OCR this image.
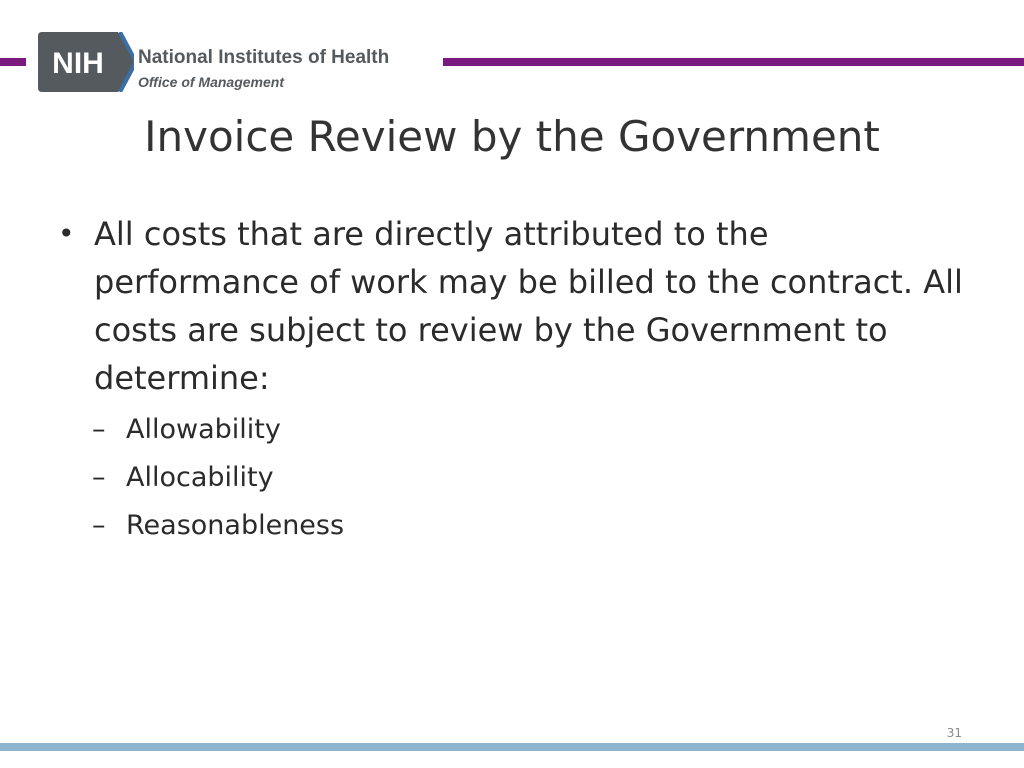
NIH National Institutes of Health
Office of Management
Invoice Review by the Government
• All costs that are directly attributed to the performance of work may be billed to the contract. All costs are subject to review by the Government to determine:
– Allowability
– Allocability
– Reasonableness
31
